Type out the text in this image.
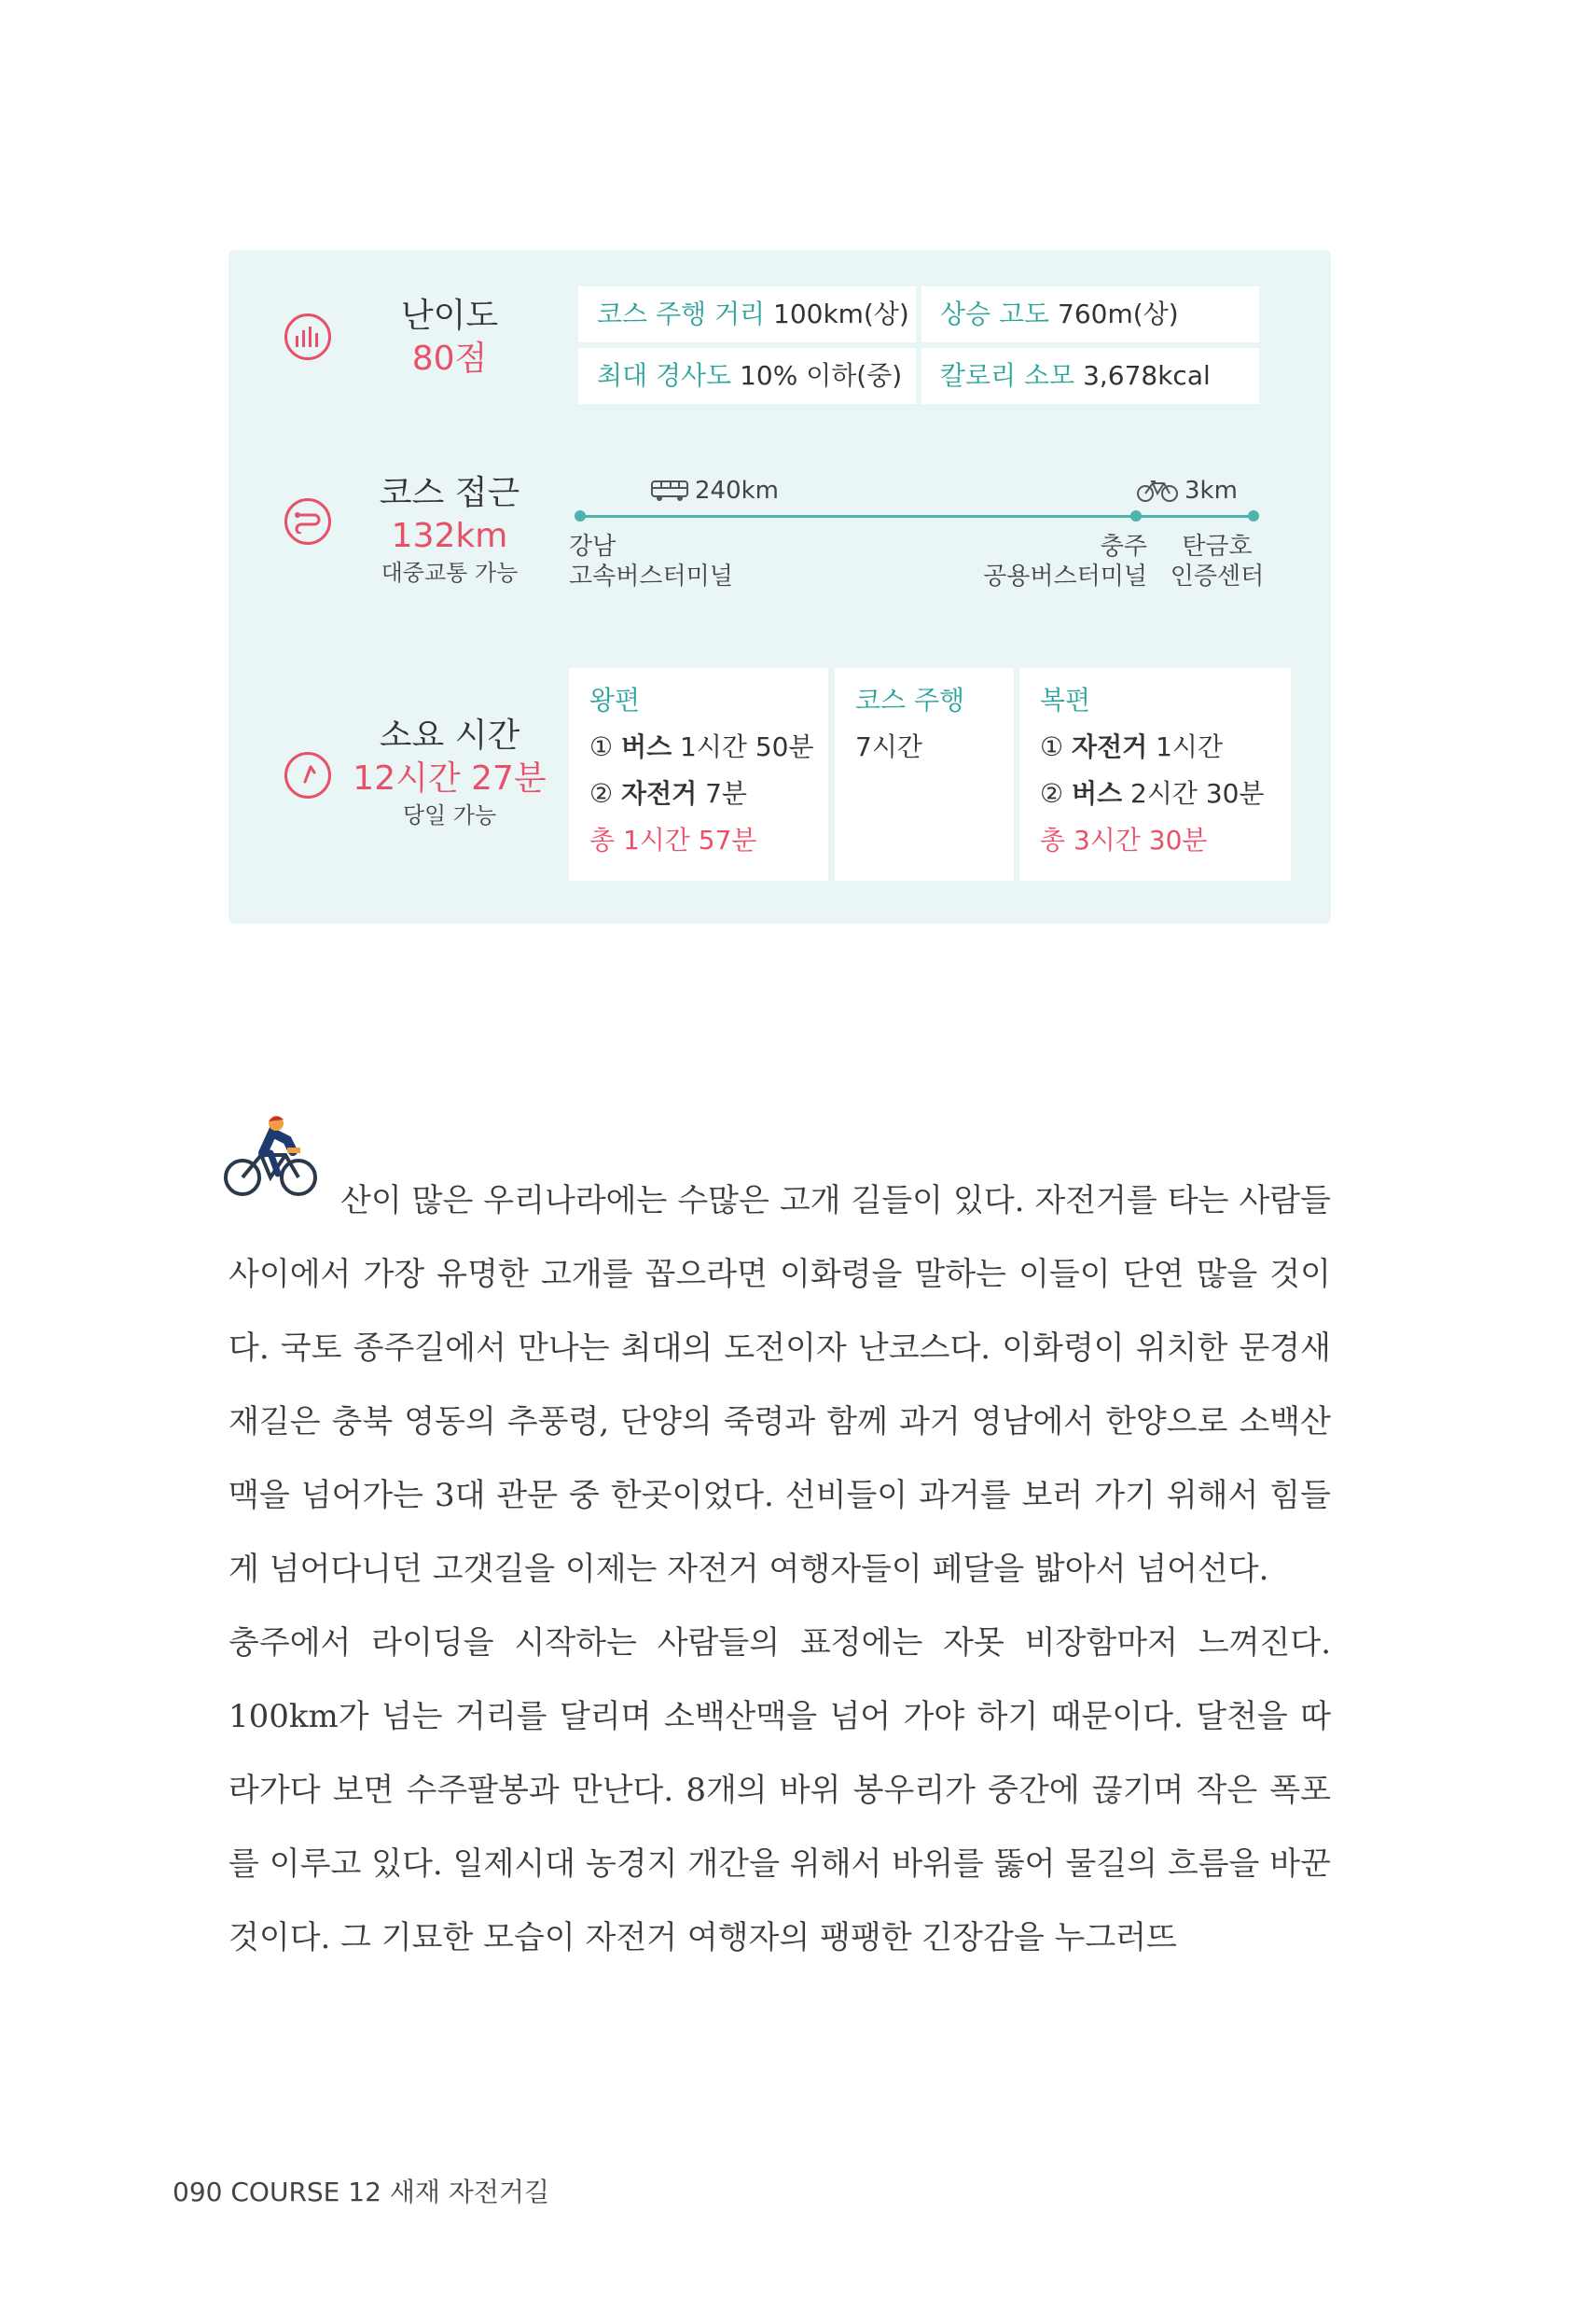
난이도
80점
코스 주행 거리 100km(상)	상승 고도 760m(상)
최대 경사도 10% 이하(중)	칼로리 소모 3,678kcal
코스 접근
132km
대중교통 가능
240km	3km
강남
고속버스터미널
충주
공용버스터미널
탄금호
인증센터
소요 시간
12시간 27분
당일 가능
왕편
① 버스 1시간 50분
② 자전거 7분
총 1시간 57분
코스 주행
7시간
복편
① 자전거 1시간
② 버스 2시간 30분
총 3시간 30분

산이 많은 우리나라에는 수많은 고개 길들이 있다. 자전거를 타는 사람들 사이에서 가장 유명한 고개를 꼽으라면 이화령을 말하는 이들이 단연 많을 것이다. 국토 종주길에서 만나는 최대의 도전이자 난코스다. 이화령이 위치한 문경새재길은 충북 영동의 추풍령, 단양의 죽령과 함께 과거 영남에서 한양으로 소백산맥을 넘어가는 3대 관문 중 한곳이었다. 선비들이 과거를 보러 가기 위해서 힘들게 넘어다니던 고갯길을 이제는 자전거 여행자들이 페달을 밟아서 넘어선다.

충주에서 라이딩을 시작하는 사람들의 표정에는 자못 비장함마저 느껴진다. 100km가 넘는 거리를 달리며 소백산맥을 넘어 가야 하기 때문이다. 달천을 따라가다 보면 수주팔봉과 만난다. 8개의 바위 봉우리가 중간에 끊기며 작은 폭포를 이루고 있다. 일제시대 농경지 개간을 위해서 바위를 뚫어 물길의 흐름을 바꾼 것이다. 그 기묘한 모습이 자전거 여행자의 팽팽한 긴장감을 누그러뜨

090 COURSE 12 새재 자전거길
